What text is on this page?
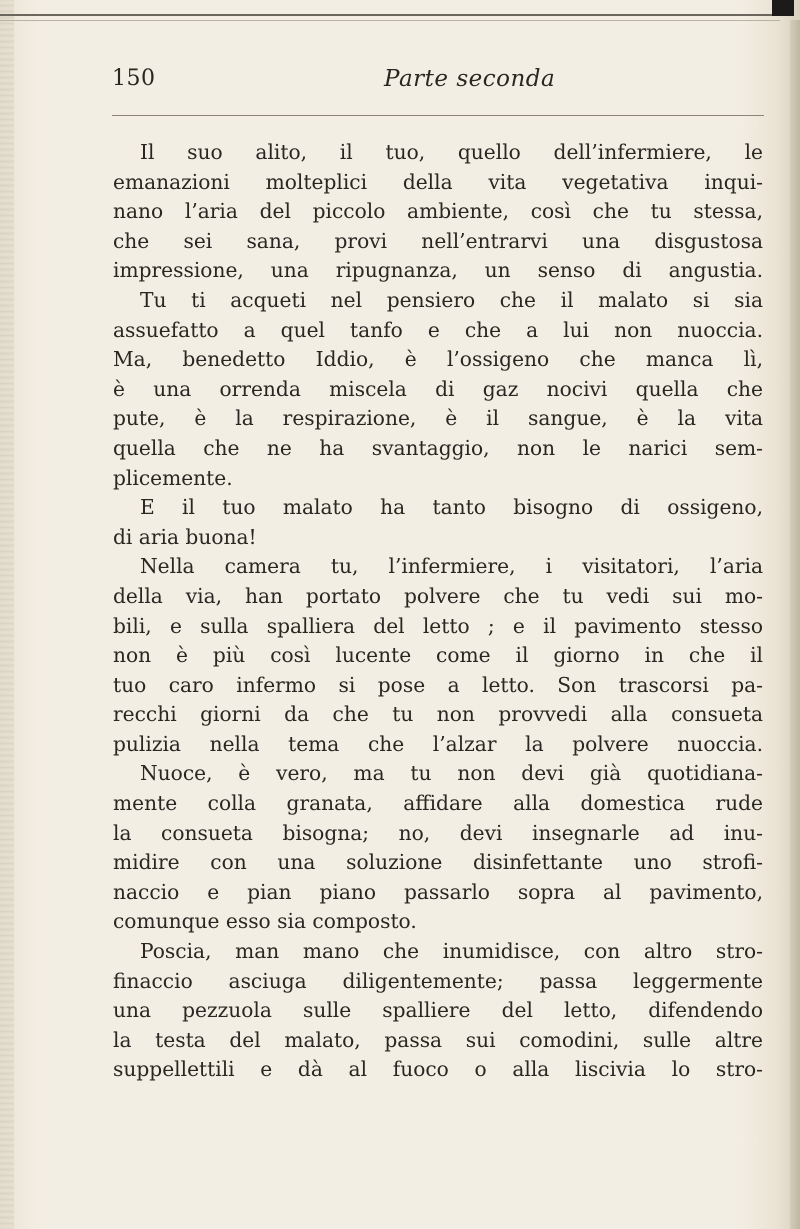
150	Parte seconda
Il suo alito, il tuo, quello dell’infermiere, le
emanazioni molteplici della vita vegetativa inqui-
nano l’aria del piccolo ambiente, così che tu stessa,
che sei sana, provi nell’entrarvi una disgustosa
impressione, una ripugnanza, un senso di angustia.
Tu ti acqueti nel pensiero che il malato si sia
assuefatto a quel tanfo e che a lui non nuoccia.
Ma, benedetto Iddio, è l’ossigeno che manca lì,
è una orrenda miscela di gaz nocivi quella che
pute, è la respirazione, è il sangue, è la vita
quella che ne ha svantaggio, non le narici sem-
plicemente.
E il tuo malato ha tanto bisogno di ossigeno,
di aria buona!
Nella camera tu, l’infermiere, i visitatori, l’aria
della via, han portato polvere che tu vedi sui mo-
bili, e sulla spalliera del letto ; e il pavimento stesso
non è più così lucente come il giorno in che il
tuo caro infermo si pose a letto. Son trascorsi pa-
recchi giorni da che tu non provvedi alla consueta
pulizia nella tema che l’alzar la polvere nuoccia.
Nuoce, è vero, ma tu non devi già quotidiana-
mente colla granata, affidare alla domestica rude
la consueta bisogna; no, devi insegnarle ad inu-
midire con una soluzione disinfettante uno strofi-
naccio e pian piano passarlo sopra al pavimento,
comunque esso sia composto.
Poscia, man mano che inumidisce, con altro stro-
finaccio asciuga diligentemente; passa leggermente
una pezzuola sulle spalliere del letto, difendendo
la testa del malato, passa sui comodini, sulle altre
suppellettili e dà al fuoco o alla liscivia lo stro-
